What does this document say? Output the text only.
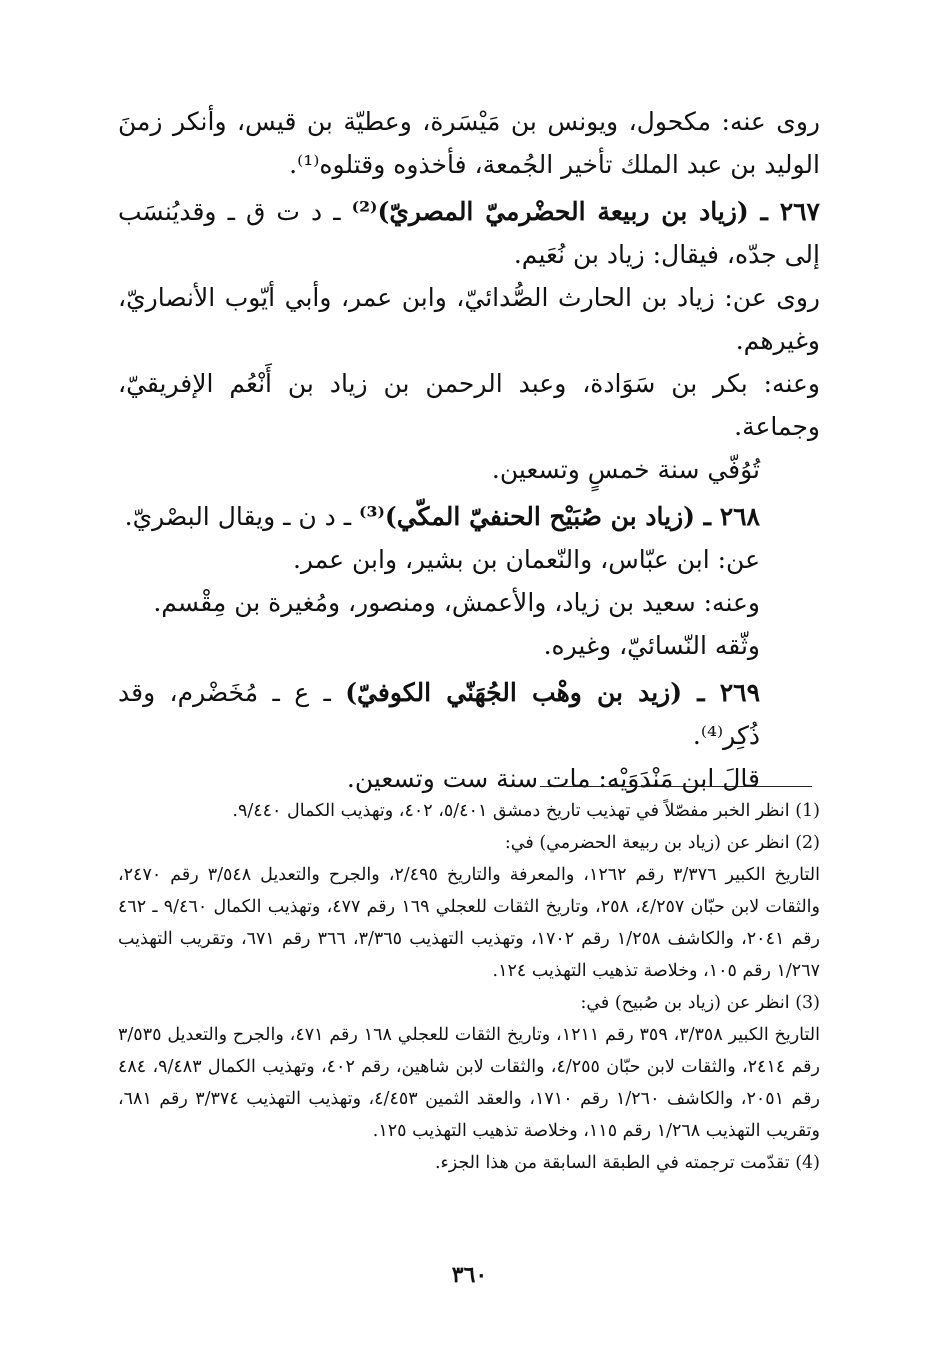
روى عنه: مكحول، ويونس بن مَيْسَرة، وعطيّة بن قيس، وأنكر زمنَ الوليد بن عبد الملك تأخير الجُمعة، فأخذوه وقتلوه⁽¹⁾.

٢٦٧ ـ (زياد بن ربيعة الحضْرميّ المصريّ)⁽²⁾ ـ د ت ق ـ وقديُنسَب إلى جدّه، فيقال: زياد بن نُعَيم.

روى عن: زياد بن الحارث الصُّدائيّ، وابن عمر، وأبي أيّوب الأنصاريّ، وغيرهم.

وعنه: بكر بن سَوَادة، وعبد الرحمن بن زياد بن أَنْعُم الإفريقيّ، وجماعة.

تُوُفّي سنة خمسٍ وتسعين.

٢٦٨ ـ (زياد بن صُبَيْح الحنفيّ المكّي)⁽³⁾ ـ د ن ـ ويقال البصْريّ.

عن: ابن عبّاس، والنّعمان بن بشير، وابن عمر.

وعنه: سعيد بن زياد، والأعمش، ومنصور، ومُغيرة بن مِقْسم.

وثّقه النّسائيّ، وغيره.

٢٦٩ ـ (زيد بن وهْب الجُهَنّي الكوفيّ) ـ ع ـ مُخَضْرم، وقد ذُكِر⁽⁴⁾.

قالَ ابن مَنْدَوَيْه: مات سنة ست وتسعين.

(1) انظر الخبر مفصّلاً في تهذيب تاريخ دمشق ٥/٤٠١، ٤٠٢، وتهذيب الكمال ٩/٤٤٠.

(2) انظر عن (زياد بن ربيعة الحضرمي) في:

التاريخ الكبير ٣/٣٧٦ رقم ١٢٦٢، والمعرفة والتاريخ ٢/٤٩٥، والجرح والتعديل ٣/٥٤٨ رقم ٢٤٧٠، والثقات لابن حبّان ٤/٢٥٧، ٢٥٨، وتاريخ الثقات للعجلي ١٦٩ رقم ٤٧٧، وتهذيب الكمال ٩/٤٦٠ ـ ٤٦٢ رقم ٢٠٤١، والكاشف ١/٢٥٨ رقم ١٧٠٢، وتهذيب التهذيب ٣/٣٦٥، ٣٦٦ رقم ٦٧١، وتقريب التهذيب ١/٢٦٧ رقم ١٠٥، وخلاصة تذهيب التهذيب ١٢٤.

(3) انظر عن (زياد بن صُبيح) في:

التاريخ الكبير ٣/٣٥٨، ٣٥٩ رقم ١٢١١، وتاريخ الثقات للعجلي ١٦٨ رقم ٤٧١، والجرح والتعديل ٣/٥٣٥ رقم ٢٤١٤، والثقات لابن حبّان ٤/٢٥٥، والثقات لابن شاهين، رقم ٤٠٢، وتهذيب الكمال ٩/٤٨٣، ٤٨٤ رقم ٢٠٥١، والكاشف ١/٢٦٠ رقم ١٧١٠، والعقد الثمين ٤/٤٥٣، وتهذيب التهذيب ٣/٣٧٤ رقم ٦٨١، وتقريب التهذيب ١/٢٦٨ رقم ١١٥، وخلاصة تذهيب التهذيب ١٢٥.

(4) تقدّمت ترجمته في الطبقة السابقة من هذا الجزء.

٣٦٠
